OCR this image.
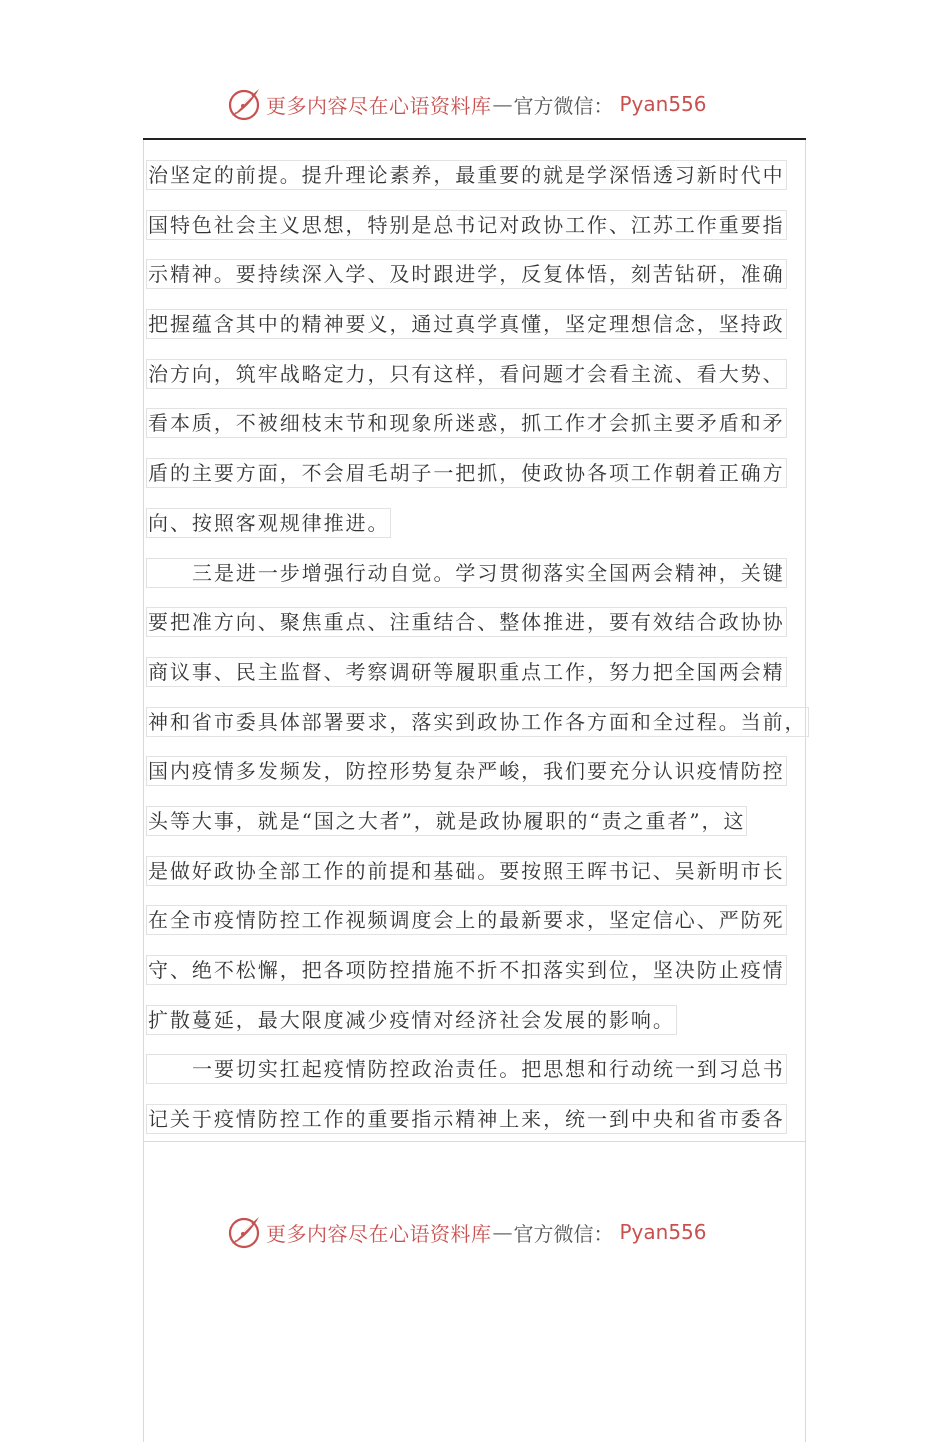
更多内容尽在心语资料库 — 官方微信： Pyan556
治坚定的前提。提升理论素养，最重要的就是学深悟透习新时代中
国特色社会主义思想，特别是总书记对政协工作、江苏工作重要指
示精神。要持续深入学、及时跟进学，反复体悟，刻苦钻研，准确
把握蕴含其中的精神要义，通过真学真懂，坚定理想信念，坚持政
治方向，筑牢战略定力，只有这样，看问题才会看主流、看大势、
看本质，不被细枝末节和现象所迷惑，抓工作才会抓主要矛盾和矛
盾的主要方面，不会眉毛胡子一把抓，使政协各项工作朝着正确方
向、按照客观规律推进。
三是进一步增强行动自觉。学习贯彻落实全国两会精神，关键
要把准方向、聚焦重点、注重结合、整体推进，要有效结合政协协
商议事、民主监督、考察调研等履职重点工作，努力把全国两会精
神和省市委具体部署要求，落实到政协工作各方面和全过程。当前，
国内疫情多发频发，防控形势复杂严峻，我们要充分认识疫情防控
头等大事，就是“国之大者”，就是政协履职的“责之重者”，这
是做好政协全部工作的前提和基础。要按照王晖书记、吴新明市长
在全市疫情防控工作视频调度会上的最新要求，坚定信心、严防死
守、绝不松懈，把各项防控措施不折不扣落实到位，坚决防止疫情
扩散蔓延，最大限度减少疫情对经济社会发展的影响。
一要切实扛起疫情防控政治责任。把思想和行动统一到习总书
记关于疫情防控工作的重要指示精神上来，统一到中央和省市委各
更多内容尽在心语资料库 — 官方微信： Pyan556
